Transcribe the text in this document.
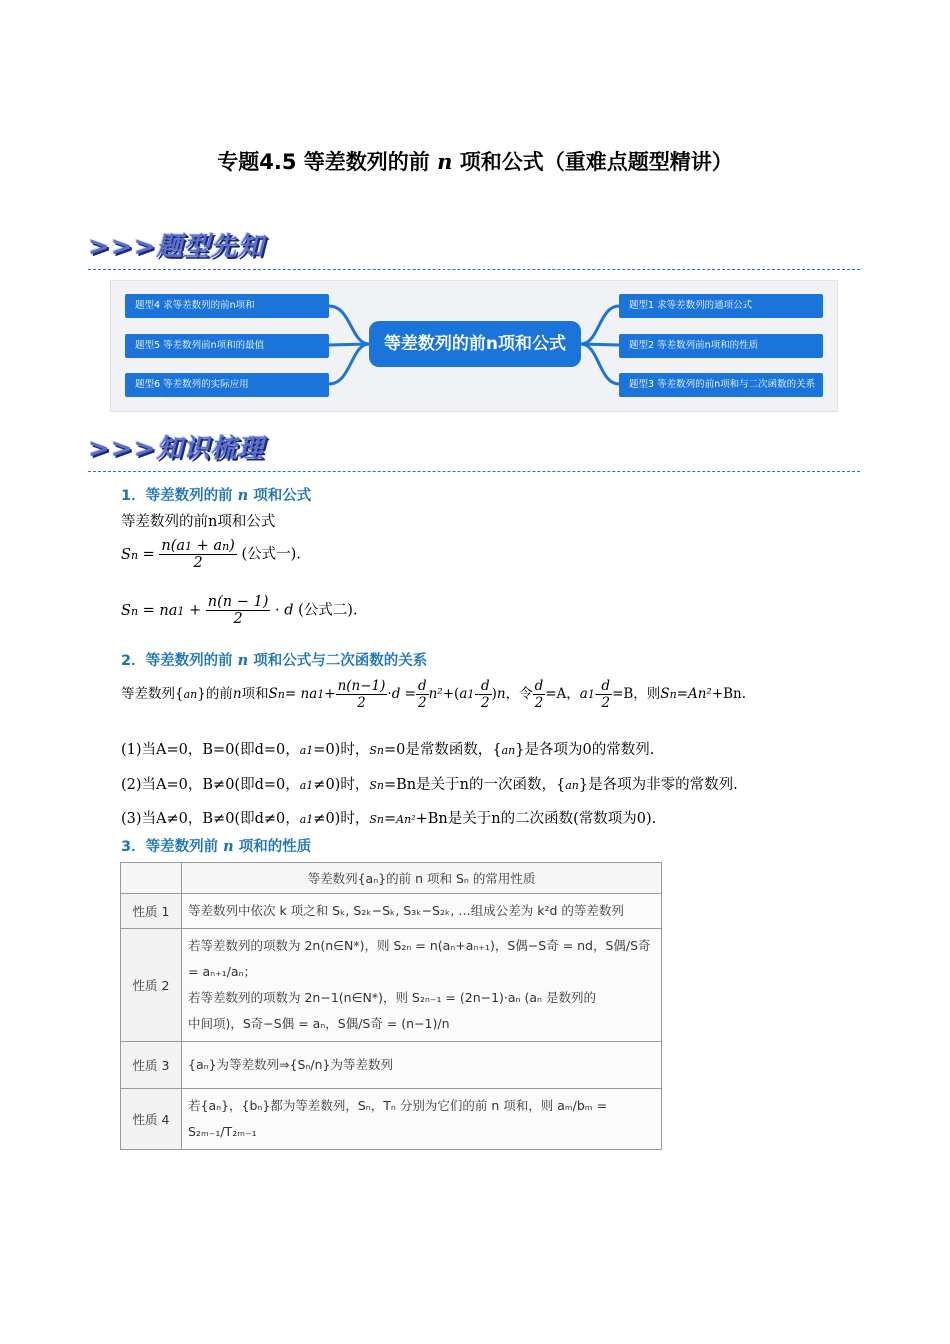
专题4.5 等差数列的前 n 项和公式（重难点题型精讲）
>>>题型先知
题型4 求等差数列的前n项和
题型5 等差数列前n项和的最值
题型6 等差数列的实际应用
等差数列的前n项和公式
题型1 求等差数列的通项公式
题型2 等差数列前n项和的性质
题型3 等差数列的前n项和与二次函数的关系
>>>知识梳理
1．等差数列的前 n 项和公式
等差数列的前n项和公式
$Sn = \frac{n(a1 + an)}{2}$ (公式一).
$Sn = na1 + \frac{n(n - 1)}{2} \cdot d$ (公式二).
2．等差数列的前 n 项和公式与二次函数的关系
等差数列{an}的前n项和$Sn= na1+ \frac{n(n-1)}{2} \cdot d = \frac{d}{2} n^2+(a1- \frac{d}{2} )n$，令 $\frac{d}{2} =A$，$a1- \frac{d}{2} =B$，则Sn=An²+Bn.
(1)当A=0，B=0(即d=0，a1=0)时，Sn=0是常数函数，{an}是各项为0的常数列.
(2)当A=0，B≠0(即d=0，a1≠0)时，Sn=Bn是关于n的一次函数，{an}是各项为非零的常数列.
(3)当A≠0，B≠0(即d≠0，a1≠0)时，Sn=An²+Bn是关于n的二次函数(常数项为0).
3．等差数列前 n 项和的性质
	等差数列{aₙ}的前 n 项和 Sₙ 的常用性质
性质 1	等差数列中依次 k 项之和 Sₖ, S₂ₖ−Sₖ, S₃ₖ−S₂ₖ, …组成公差为 k²d 的等差数列
性质 2	若等差数列的项数为 2n(n∈N*)，则 S₂ₙ = n(aₙ+aₙ₊₁)，S偶−S奇 = nd，S偶/S奇 = aₙ₊₁/aₙ；
若等差数列的项数为 2n−1(n∈N*)，则 S₂ₙ₋₁ = (2n−1)·aₙ (aₙ 是数列的
中间项)，S奇−S偶 = aₙ，S偶/S奇 = (n−1)/n

性质 3	{aₙ}为等差数列⇒{Sₙ/n}为等差数列
性质 4	若{aₙ}，{bₙ}都为等差数列，Sₙ，Tₙ 分别为它们的前 n 项和，则 aₘ/bₘ = S₂ₘ₋₁/T₂ₘ₋₁
